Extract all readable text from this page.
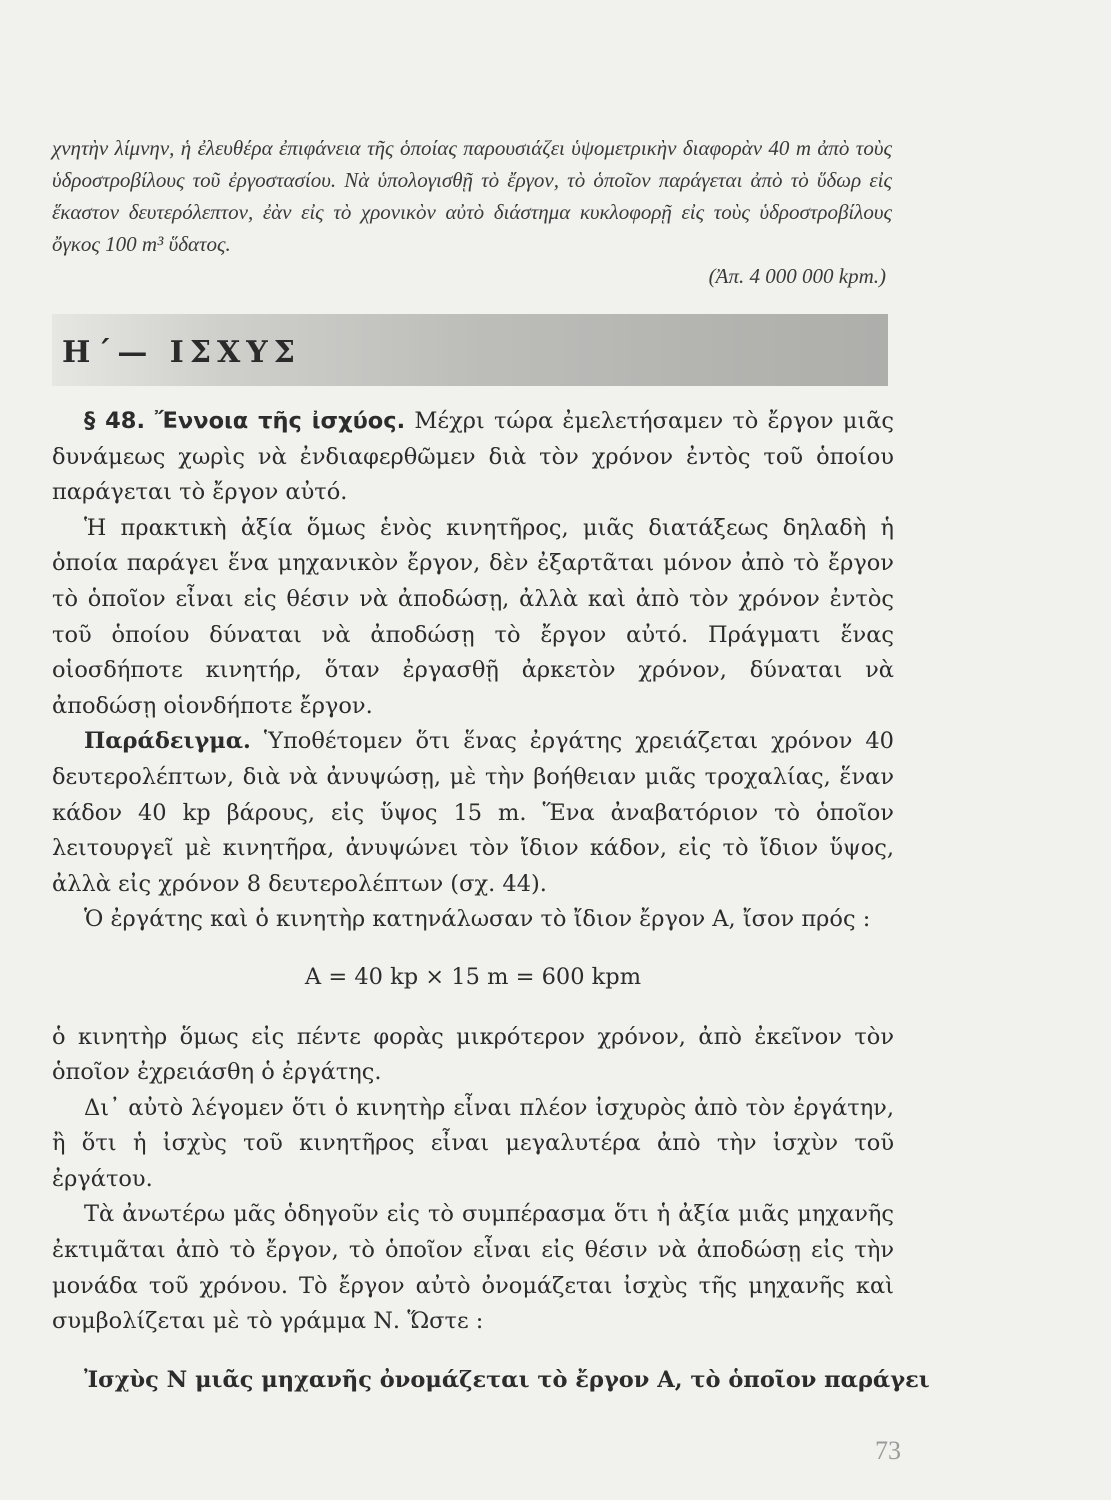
χνητὴν λίμνην, ἡ ἐλευθέρα ἐπιφάνεια τῆς ὁποίας παρουσιάζει ὑψομετρικὴν διαφορὰν 40 m ἀπὸ τοὺς ὑδροστροβίλους τοῦ ἐργοστασίου. Νὰ ὑπολογισθῇ τὸ ἔργον, τὸ ὁποῖον παράγεται ἀπὸ τὸ ὕδωρ εἰς ἕκαστον δευτερόλεπτον, ἐὰν εἰς τὸ χρονικὸν αὐτὸ διάστημα κυκλοφορῇ εἰς τοὺς ὑδροστροβίλους ὄγκος 100 m³ ὕδατος.
(Ἀπ. 4 000 000 kpm.)
Η΄— ΙΣΧΥΣ

§ 48. Ἔννοια τῆς ἰσχύος. Μέχρι τώρα ἐμελετήσαμεν τὸ ἔργον μιᾶς δυνάμεως χωρὶς νὰ ἐνδιαφερθῶμεν διὰ τὸν χρόνον ἐντὸς τοῦ ὁποίου παράγεται τὸ ἔργον αὐτό.

Ἡ πρακτικὴ ἀξία ὅμως ἑνὸς κινητῆρος, μιᾶς διατάξεως δηλαδὴ ἡ ὁποία παράγει ἕνα μηχανικὸν ἔργον, δὲν ἐξαρτᾶται μόνον ἀπὸ τὸ ἔργον τὸ ὁποῖον εἶναι εἰς θέσιν νὰ ἀποδώσῃ, ἀλλὰ καὶ ἀπὸ τὸν χρόνον ἐντὸς τοῦ ὁποίου δύναται νὰ ἀποδώσῃ τὸ ἔργον αὐτό. Πράγματι ἕνας οἱοσδήποτε κινητήρ, ὅταν ἐργασθῇ ἀρκετὸν χρόνον, δύναται νὰ ἀποδώσῃ οἱονδήποτε ἔργον.

Παράδειγμα. Ὑποθέτομεν ὅτι ἕνας ἐργάτης χρειάζεται χρόνον 40 δευτερολέπτων, διὰ νὰ ἀνυψώσῃ, μὲ τὴν βοήθειαν μιᾶς τροχαλίας, ἕναν κάδον 40 kp βάρους, εἰς ὕψος 15 m. Ἕνα ἀναβατόριον τὸ ὁποῖον λειτουργεῖ μὲ κινητῆρα, ἀνυψώνει τὸν ἴδιον κάδον, εἰς τὸ ἴδιον ὕψος, ἀλλὰ εἰς χρόνον 8 δευτερολέπτων (σχ. 44).

Ὁ ἐργάτης καὶ ὁ κινητὴρ κατηνάλωσαν τὸ ἴδιον ἔργον Α, ἴσον πρός :

A = 40 kp × 15 m = 600 kpm

ὁ κινητὴρ ὅμως εἰς πέντε φορὰς μικρότερον χρόνον, ἀπὸ ἐκεῖνον τὸν ὁποῖον ἐχρειάσθη ὁ ἐργάτης.

Δι᾽ αὐτὸ λέγομεν ὅτι ὁ κινητὴρ εἶναι πλέον ἰσχυρὸς ἀπὸ τὸν ἐργάτην, ἢ ὅτι ἡ ἰσχὺς τοῦ κινητῆρος εἶναι μεγαλυτέρα ἀπὸ τὴν ἰσχὺν τοῦ ἐργάτου.

Τὰ ἀνωτέρω μᾶς ὁδηγοῦν εἰς τὸ συμπέρασμα ὅτι ἡ ἀξία μιᾶς μηχανῆς ἐκτιμᾶται ἀπὸ τὸ ἔργον, τὸ ὁποῖον εἶναι εἰς θέσιν νὰ ἀποδώσῃ εἰς τὴν μονάδα τοῦ χρόνου. Τὸ ἔργον αὐτὸ ὀνομάζεται ἰσχὺς τῆς μηχανῆς καὶ συμβολίζεται μὲ τὸ γράμμα Ν. Ὥστε :

Ἰσχὺς Ν μιᾶς μηχανῆς ὀνομάζεται τὸ ἔργον Α, τὸ ὁποῖον παράγει
73
